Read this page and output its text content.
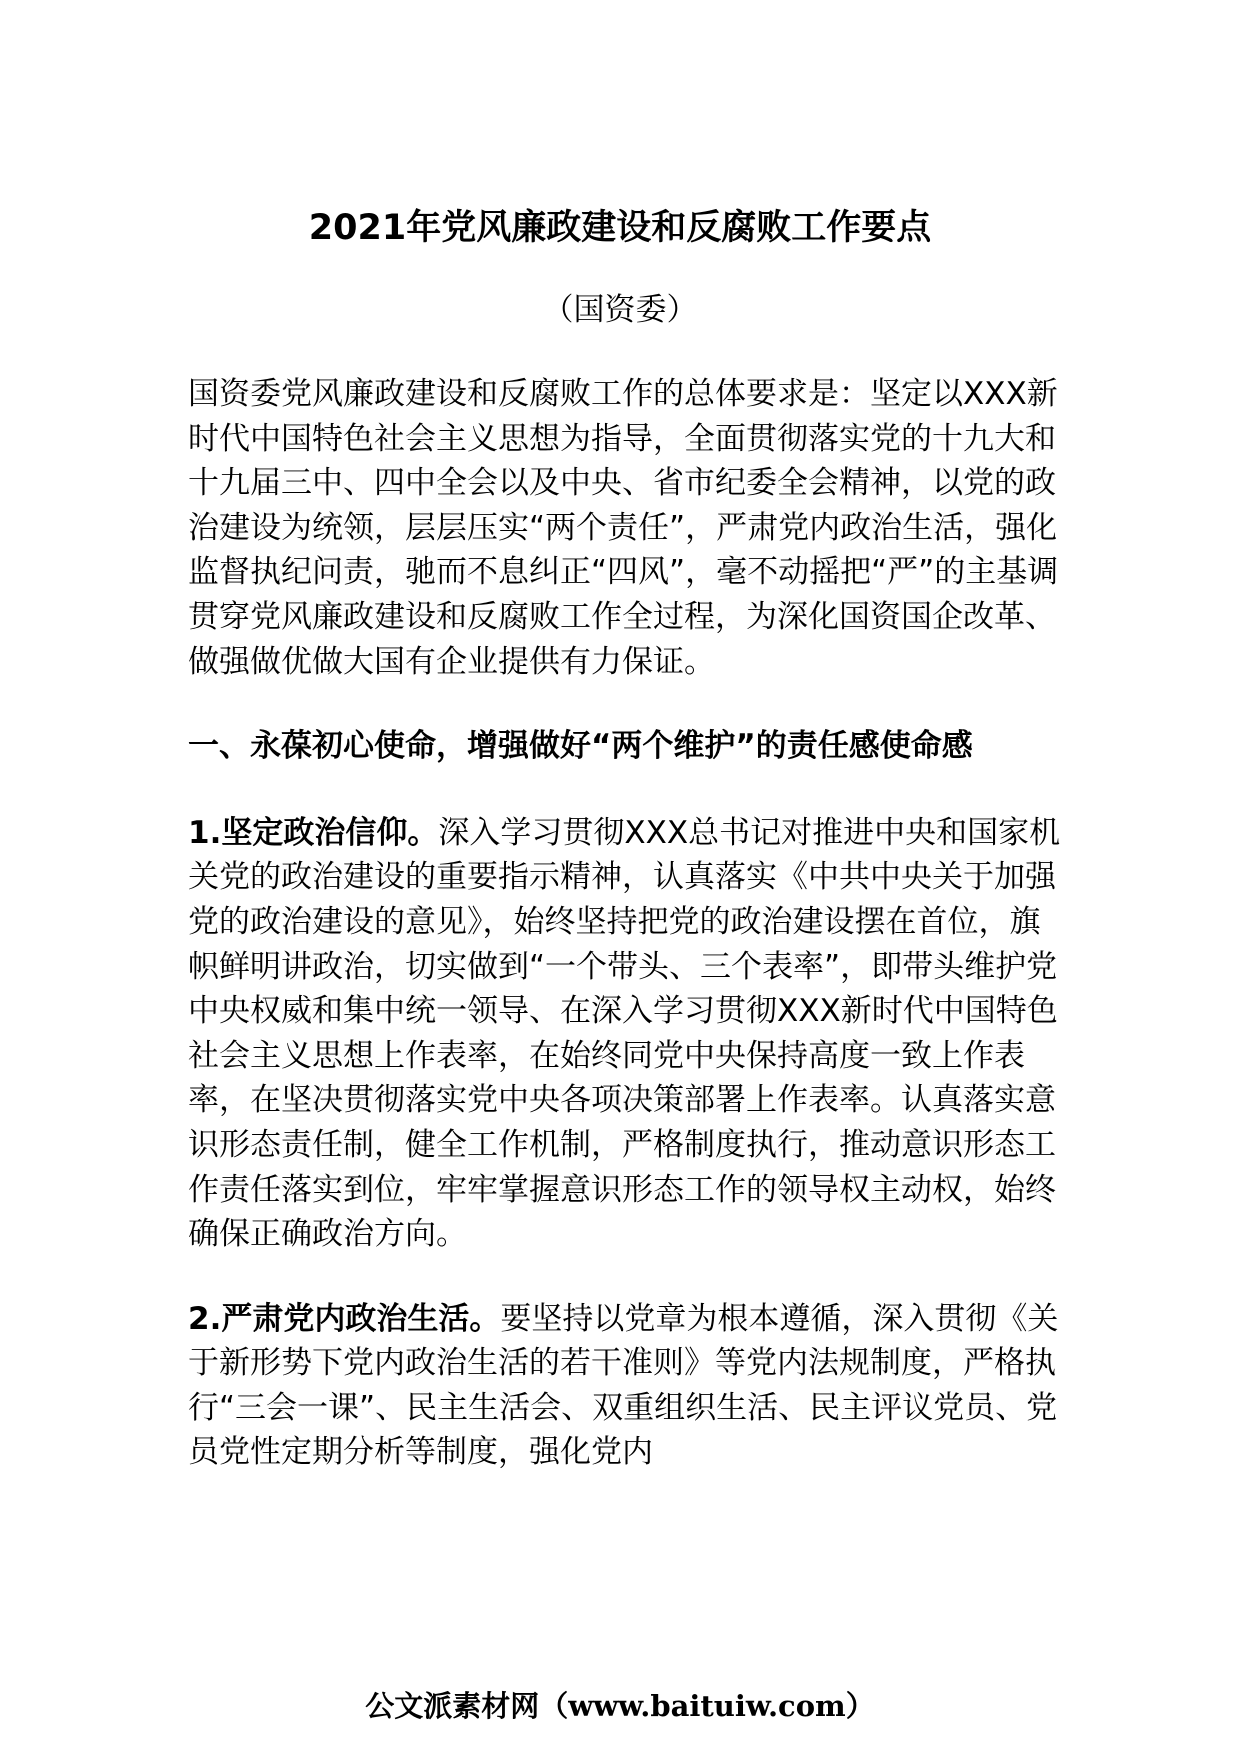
2021年党风廉政建设和反腐败工作要点

（国资委）

国资委党风廉政建设和反腐败工作的总体要求是：坚定以XXX新时代中国特色社会主义思想为指导，全面贯彻落实党的十九大和十九届三中、四中全会以及中央、省市纪委全会精神，以党的政治建设为统领，层层压实“两个责任”，严肃党内政治生活，强化监督执纪问责，驰而不息纠正“四风”，毫不动摇把“严”的主基调贯穿党风廉政建设和反腐败工作全过程，为深化国资国企改革、做强做优做大国有企业提供有力保证。

一、永葆初心使命，增强做好“两个维护”的责任感使命感

1.坚定政治信仰。深入学习贯彻XXX总书记对推进中央和国家机关党的政治建设的重要指示精神，认真落实《中共中央关于加强党的政治建设的意见》，始终坚持把党的政治建设摆在首位，旗帜鲜明讲政治，切实做到“一个带头、三个表率”，即带头维护党中央权威和集中统一领导、在深入学习贯彻XXX新时代中国特色社会主义思想上作表率，在始终同党中央保持高度一致上作表率，在坚决贯彻落实党中央各项决策部署上作表率。认真落实意识形态责任制，健全工作机制，严格制度执行，推动意识形态工作责任落实到位，牢牢掌握意识形态工作的领导权主动权，始终确保正确政治方向。

2.严肃党内政治生活。要坚持以党章为根本遵循，深入贯彻《关于新形势下党内政治生活的若干准则》等党内法规制度，严格执行“三会一课”、民主生活会、双重组织生活、民主评议党员、党员党性定期分析等制度，强化党内

公文派素材网（www.baituiw.com）
